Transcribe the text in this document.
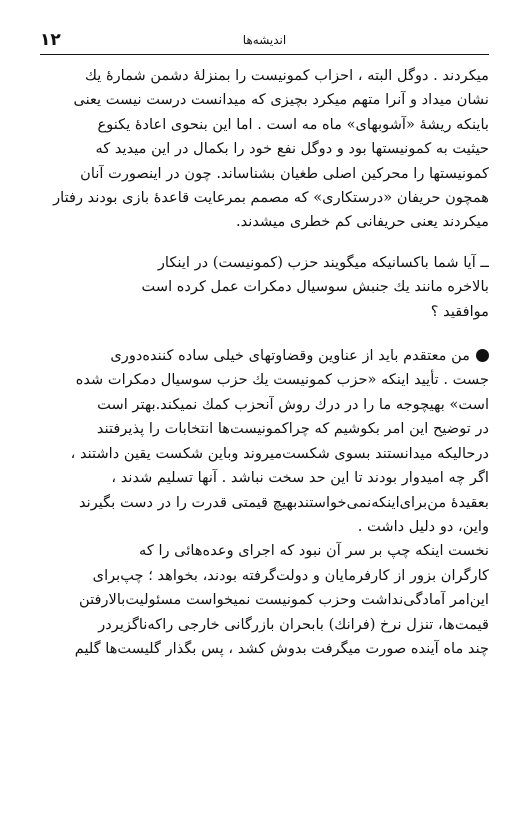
۱۲	اندیشه‌ها

میکردند . دوگل البته ، احزاب کمونیست را بمنزلهٔ دشمن شمارهٔ یك
نشان میداد و آنرا متهم میکرد بچیزی که میدانست درست نیست یعنی
باینکه ریشهٔ «آشوبهای» ماه مه است . اما این بنحوی اعادهٔ یکنوع
حیثیت به کمونیستها بود و دوگل نفع خود را بکمال در این میدید که
کمونیستها را محرکین اصلی طغیان بشناساند. چون در اینصورت آنان
همچون حریفان «درستکاری» که مصمم بمرعایت قاعدهٔ بازی بودند رفتار
میکردند یعنی حریفانی کم خطری میشدند.

ــ آیا شما باکسانیکه میگویند حزب (کمونیست) در اینکار
بالاخره مانند یك جنبش سوسیال دمکرات عمل کرده است
موافقید ؟

من معتقدم باید از عناوین وقضاوتهای خیلی ساده کننده‌دوری
جست . تأیید اینکه «حزب کمونیست یك حزب سوسیال دمکرات شده
است» بهیچوجه ما را در درك روش آنحزب کمك نمیکند.بهتر است
در توضیح این امر بکوشیم که چراکمونیست‌ها انتخابات را پذیرفتند
درحالیکه میدانستند بسوی شکست‌میروند وباین شکست یقین داشتند ،
اگر چه امیدوار بودند تا این حد سخت نباشد . آنها تسلیم شدند ،
بعقیدهٔ من‌برای‌اینکه‌نمی‌خواستندبهیچ قیمتی قدرت را در دست بگیرند
واین، دو دلیل داشت .

نخست اینکه چپ بر سر آن نبود که اجرای وعده‌هائی را که
کارگران بزور از کارفرمایان و دولت‌گرفته بودند، بخواهد ؛ چپ‌برای
این‌امر آمادگی‌نداشت وحزب کمونیست نمیخواست مسئولیت‌بالارفتن
قیمت‌ها، تنزل نرخ (فرانك) بابحران بازرگانی خارجی راکه‌ناگزیردر
چند ماه آینده صورت میگرفت بدوش کشد ، پس بگذار گلیست‌ها گلیم
